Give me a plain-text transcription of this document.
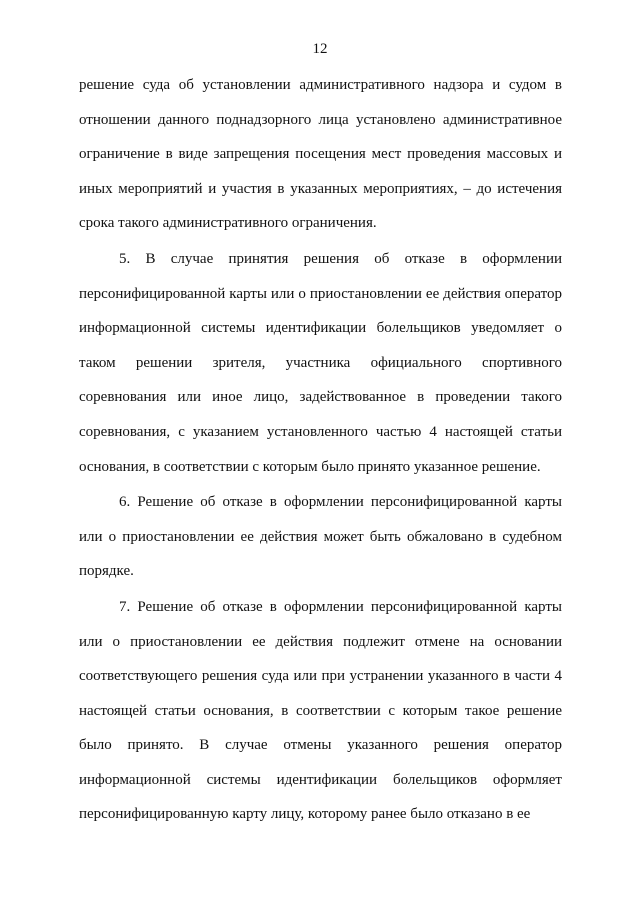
12

решение суда об установлении административного надзора и судом в отношении данного поднадзорного лица установлено административное ограничение в виде запрещения посещения мест проведения массовых и иных мероприятий и участия в указанных мероприятиях, – до истечения срока такого административного ограничения.

5. В случае принятия решения об отказе в оформлении персонифицированной карты или о приостановлении ее действия оператор информационной системы идентификации болельщиков уведомляет о таком решении зрителя, участника официального спортивного соревнования или иное лицо, задействованное в проведении такого соревнования, с указанием установленного частью 4 настоящей статьи основания, в соответствии с которым было принято указанное решение.

6. Решение об отказе в оформлении персонифицированной карты или о приостановлении ее действия может быть обжаловано в судебном порядке.

7. Решение об отказе в оформлении персонифицированной карты или о приостановлении ее действия подлежит отмене на основании соответствующего решения суда или при устранении указанного в части 4 настоящей статьи основания, в соответствии с которым такое решение было принято. В случае отмены указанного решения оператор информационной системы идентификации болельщиков оформляет персонифицированную карту лицу, которому ранее было отказано в ее
